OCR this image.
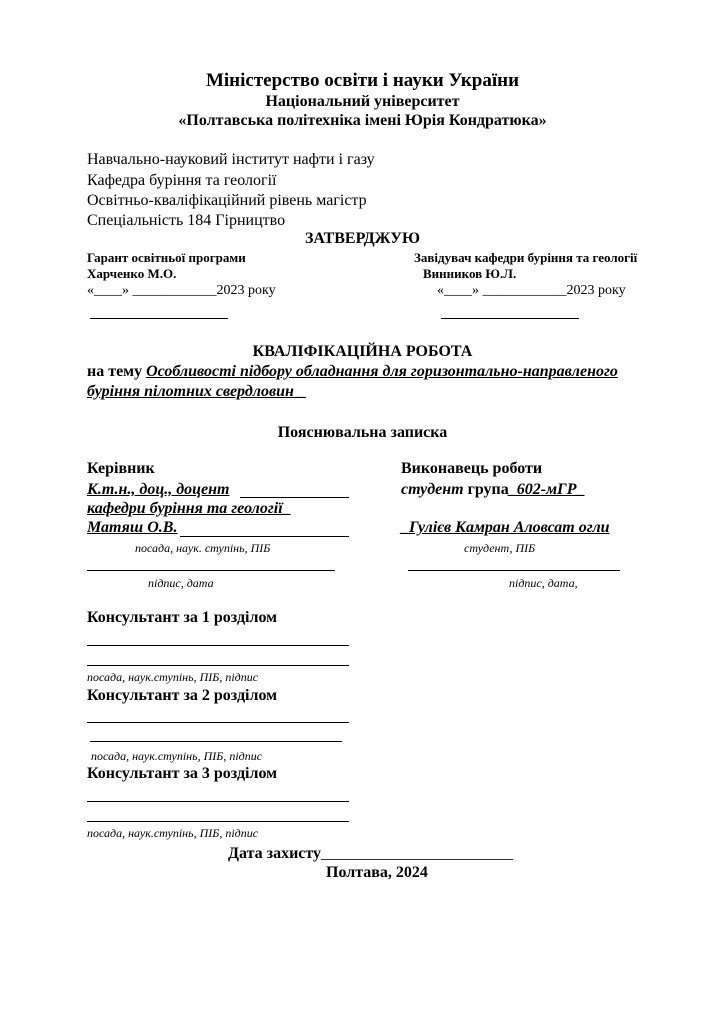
Міністерство освіти і науки України
Національний університет
«Полтавська політехніка імені Юрія Кондратюка»
Навчально-науковий інститут нафти і газу
Кафедра буріння та геології
Освітньо-кваліфікаційний рівень магістр
Спеціальність 184 Гірництво
ЗАТВЕРДЖУЮ
Гарант освітньої програми
Харченко М.О.
«____» ____________2023 року
Завідувач кафедри буріння та геології
Винников Ю.Л.
«____» ____________2023 року
КВАЛІФІКАЦІЙНА РОБОТА
на тему Особливості підбору обладнання для горизонтально-направленого
буріння пілотних свердловин _
Пояснювальна записка
Керівник
К.т.н., доц., доцент
кафедри буріння та геології_
Матяш О.В.
посада, наук. ступінь, ПІБ
підпис, дата
Виконавець роботи
студент група_602-мГР_
_Гулієв Камран Аловсат огли
студент, ПІБ
підпис, дата,
Консультант за 1 розділом
посада, наук.ступінь, ПІБ, підпис
Консультант за 2 розділом
посада, наук.ступінь, ПІБ, підпис
Консультант за 3 розділом
посада, наук.ступінь, ПІБ, підпис
Дата захисту________________________
Полтава, 2024
